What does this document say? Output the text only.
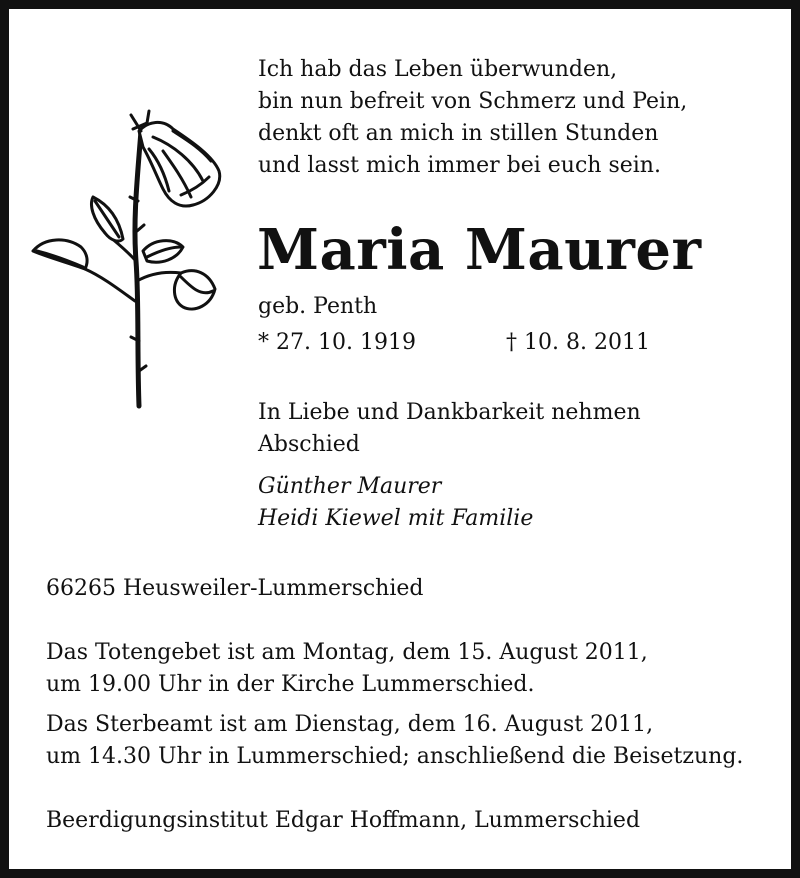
Ich hab das Leben überwunden,
bin nun befreit von Schmerz und Pein,
denkt oft an mich in stillen Stunden
und lasst mich immer bei euch sein.
Maria Maurer
geb. Penth
* 27. 10. 1919	† 10. 8. 2011
In Liebe und Dankbarkeit nehmen
Abschied
Günther Maurer
Heidi Kiewel mit Familie
66265 Heusweiler-Lummerschied
Das Totengebet ist am Montag, dem 15. August 2011,
um 19.00 Uhr in der Kirche Lummerschied.
Das Sterbeamt ist am Dienstag, dem 16. August 2011,
um 14.30 Uhr in Lummerschied; anschließend die Beisetzung.
Beerdigungsinstitut Edgar Hoffmann, Lummerschied
